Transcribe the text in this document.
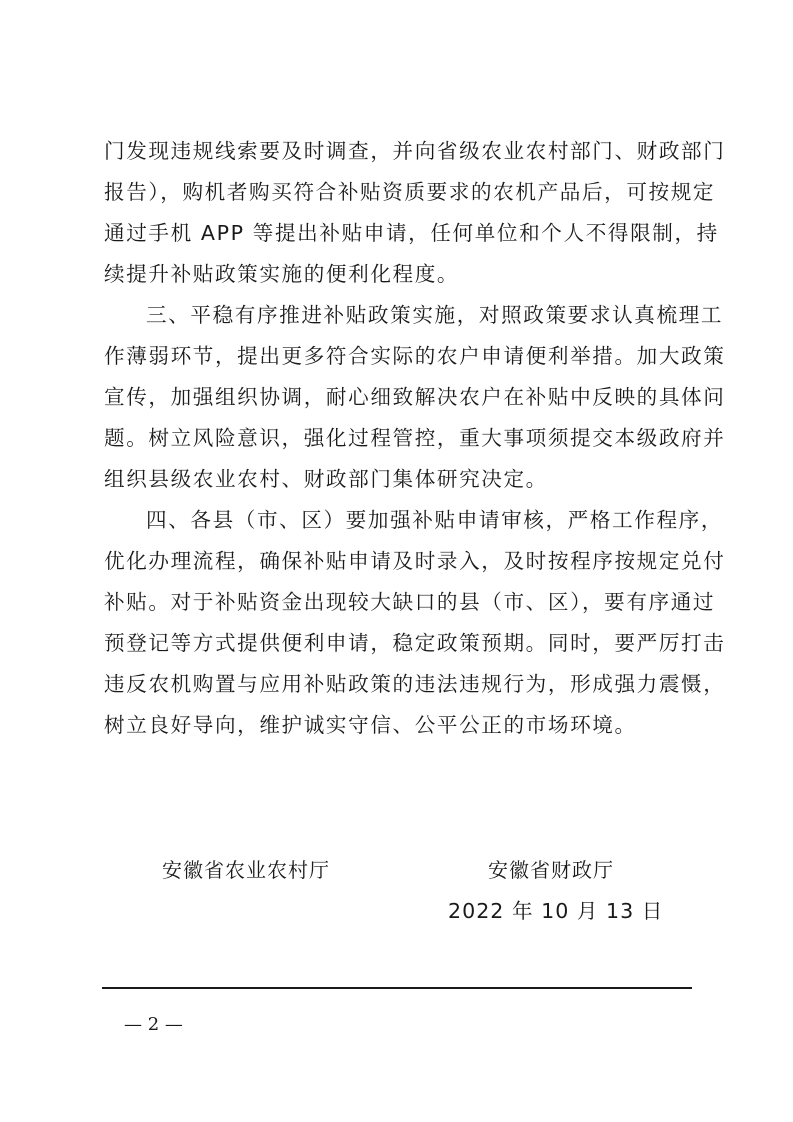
门发现违规线索要及时调查，并向省级农业农村部门、财政部门
报告），购机者购买符合补贴资质要求的农机产品后，可按规定
通过手机 APP 等提出补贴申请，任何单位和个人不得限制，持
续提升补贴政策实施的便利化程度。
三、平稳有序推进补贴政策实施，对照政策要求认真梳理工
作薄弱环节，提出更多符合实际的农户申请便利举措。加大政策
宣传，加强组织协调，耐心细致解决农户在补贴中反映的具体问
题。树立风险意识，强化过程管控，重大事项须提交本级政府并
组织县级农业农村、财政部门集体研究决定。
四、各县（市、区）要加强补贴申请审核，严格工作程序，
优化办理流程，确保补贴申请及时录入，及时按程序按规定兑付
补贴。对于补贴资金出现较大缺口的县（市、区），要有序通过
预登记等方式提供便利申请，稳定政策预期。同时，要严厉打击
违反农机购置与应用补贴政策的违法违规行为，形成强力震慑，
树立良好导向，维护诚实守信、公平公正的市场环境。
安徽省农业农村厅	安徽省财政厅
2022 年 10 月 13 日
— 2 —
